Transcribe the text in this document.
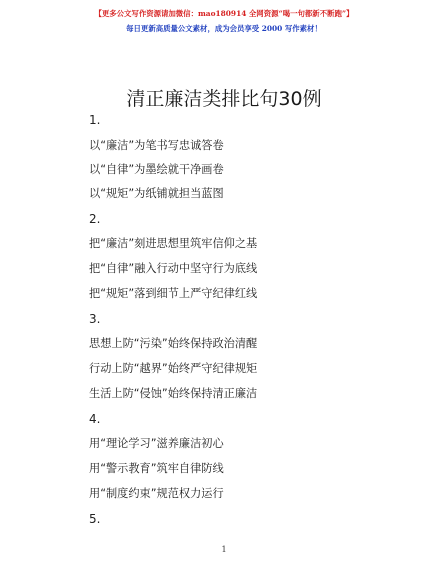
【更多公文写作资源请加微信：mao180914 全网资源“喝一句都新不断跑”】
每日更新高质量公文素材，成为会员享受 2000 写作素材！
清正廉洁类排比句30例
1.
以“廉洁”为笔书写忠诚答卷
以“自律”为墨绘就干净画卷
以“规矩”为纸铺就担当蓝图
2.
把“廉洁”刻进思想里筑牢信仰之基
把“自律”融入行动中坚守行为底线
把“规矩”落到细节上严守纪律红线
3.
思想上防“污染”始终保持政治清醒
行动上防“越界”始终严守纪律规矩
生活上防“侵蚀”始终保持清正廉洁
4.
用“理论学习”滋养廉洁初心
用“警示教育”筑牢自律防线
用“制度约束”规范权力运行
5.
1
